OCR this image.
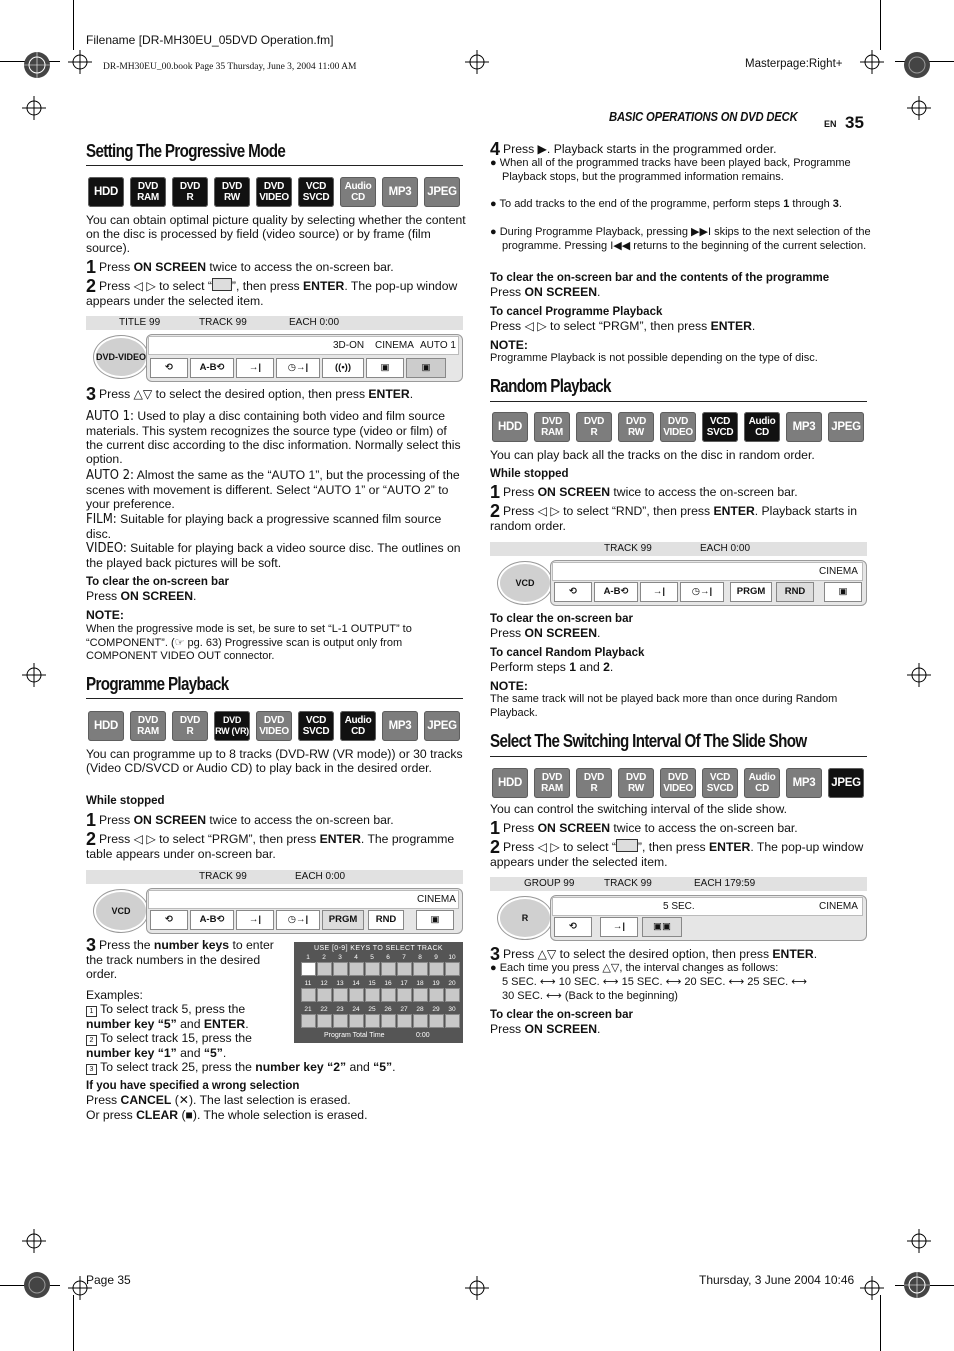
Filename [DR-MH30EU_05DVD Operation.fm]
DR-MH30EU_00.book Page 35 Thursday, June 3, 2004 11:00 AM	Masterpage:Right+
BASIC OPERATIONS ON DVD DECK	EN 35
Setting The Progressive Mode
HDD DVD
RAM
DVD
R
DVD
RW
DVD
VIDEO
VCD
SVCD
Audio
CD MP3 JPEG
You can obtain optimal picture quality by selecting whether the content on the disc is processed by field (video source) or by frame (film source).
1 Press ON SCREEN twice to access the on-screen bar.
2 Press ◁ ▷ to select “ ”, then press ENTER. The pop-up window appears under the selected item.
TITLE 99	TRACK 99	EACH 0:00
DVD-VIDEO
3D-ON CINEMA AUTO 1
⟲	A-B⟲	→|	◷→|	((•))	▣	▣
3 Press △▽ to select the desired option, then press ENTER.
AUTO 1: Used to play a disc containing both video and film source materials. This system recognizes the source type (video or film) of the current disc according to the disc information. Normally select this option.
AUTO 2: Almost the same as the “AUTO 1”, but the processing of the scenes with movement is different. Select “AUTO 1” or “AUTO 2” to your preference.
FILM: Suitable for playing back a progressive scanned film source disc.
VIDEO: Suitable for playing back a video source disc. The outlines on the played back pictures will be soft.
To clear the on-screen bar
Press ON SCREEN.
NOTE:
When the progressive mode is set, be sure to set “L-1 OUTPUT” to “COMPONENT”. (☞ pg. 63) Progressive scan is output only from COMPONENT VIDEO OUT connector.
Programme Playback
HDD DVD
RAM
DVD
R
DVD
RW (VR)
DVD
VIDEO
VCD
SVCD
Audio
CD MP3 JPEG
You can programme up to 8 tracks (DVD-RW (VR mode)) or 30 tracks (Video CD/SVCD or Audio CD) to play back in the desired order.
While stopped
1 Press ON SCREEN twice to access the on-screen bar.
2 Press ◁ ▷ to select “PRGM”, then press ENTER. The programme table appears under on-screen bar.
TRACK 99	EACH 0:00
VCD
CINEMA
⟲	A-B⟲	→|	◷→|	PRGM	RND	▣
USE [0-9] KEYS TO SELECT TRACK
1	2	3	4	5	6	7	8	9	10
11	12	13	14	15	16	17	18	19	20
21	22	23	24	25	26	27	28	29	30
Program Total Time	0:00
3 Press the number keys to enter the track numbers in the desired order.
Examples:
1 To select track 5, press the number key “5” and ENTER.
2 To select track 15, press the number key “1” and “5”.
3 To select track 25, press the number key “2” and “5”.
If you have specified a wrong selection
Press CANCEL (✕). The last selection is erased.
Or press CLEAR (■). The whole selection is erased.
4 Press ▶. Playback starts in the programmed order.
● When all of the programmed tracks have been played back, Programme Playback stops, but the programmed information remains.
● To add tracks to the end of the programme, perform steps 1 through 3.
● During Programme Playback, pressing ▶▶I skips to the next selection of the programme. Pressing I◀◀ returns to the beginning of the current selection.
To clear the on-screen bar and the contents of the programme
Press ON SCREEN.
To cancel Programme Playback
Press ◁ ▷ to select “PRGM”, then press ENTER.
NOTE:
Programme Playback is not possible depending on the type of disc.
Random Playback
HDD DVD
RAM
DVD
R
DVD
RW
DVD
VIDEO
VCD
SVCD
Audio
CD MP3 JPEG
You can play back all the tracks on the disc in random order.
While stopped
1 Press ON SCREEN twice to access the on-screen bar.
2 Press ◁ ▷ to select “RND”, then press ENTER. Playback starts in random order.
TRACK 99	EACH 0:00
VCD
CINEMA
⟲	A-B⟲	→|	◷→|	PRGM	RND	▣
To clear the on-screen bar
Press ON SCREEN.
To cancel Random Playback
Perform steps 1 and 2.
NOTE:
The same track will not be played back more than once during Random Playback.
Select The Switching Interval Of The Slide Show
HDD DVD
RAM
DVD
R
DVD
RW
DVD
VIDEO
VCD
SVCD
Audio
CD MP3 JPEG
You can control the switching interval of the slide show.
1 Press ON SCREEN twice to access the on-screen bar.
2 Press ◁ ▷ to select “ ”, then press ENTER. The pop-up window appears under the selected item.
GROUP 99	TRACK 99	EACH 179:59
R
5 SEC.	CINEMA
⟲	→|	▣▣
3 Press △▽ to select the desired option, then press ENTER.
● Each time you press △▽, the interval changes as follows:
5 SEC. ⟷ 10 SEC. ⟷ 15 SEC. ⟷ 20 SEC. ⟷ 25 SEC. ⟷
30 SEC. ⟷ (Back to the beginning)
To clear the on-screen bar
Press ON SCREEN.
Page 35	Thursday, 3 June 2004 10:46
